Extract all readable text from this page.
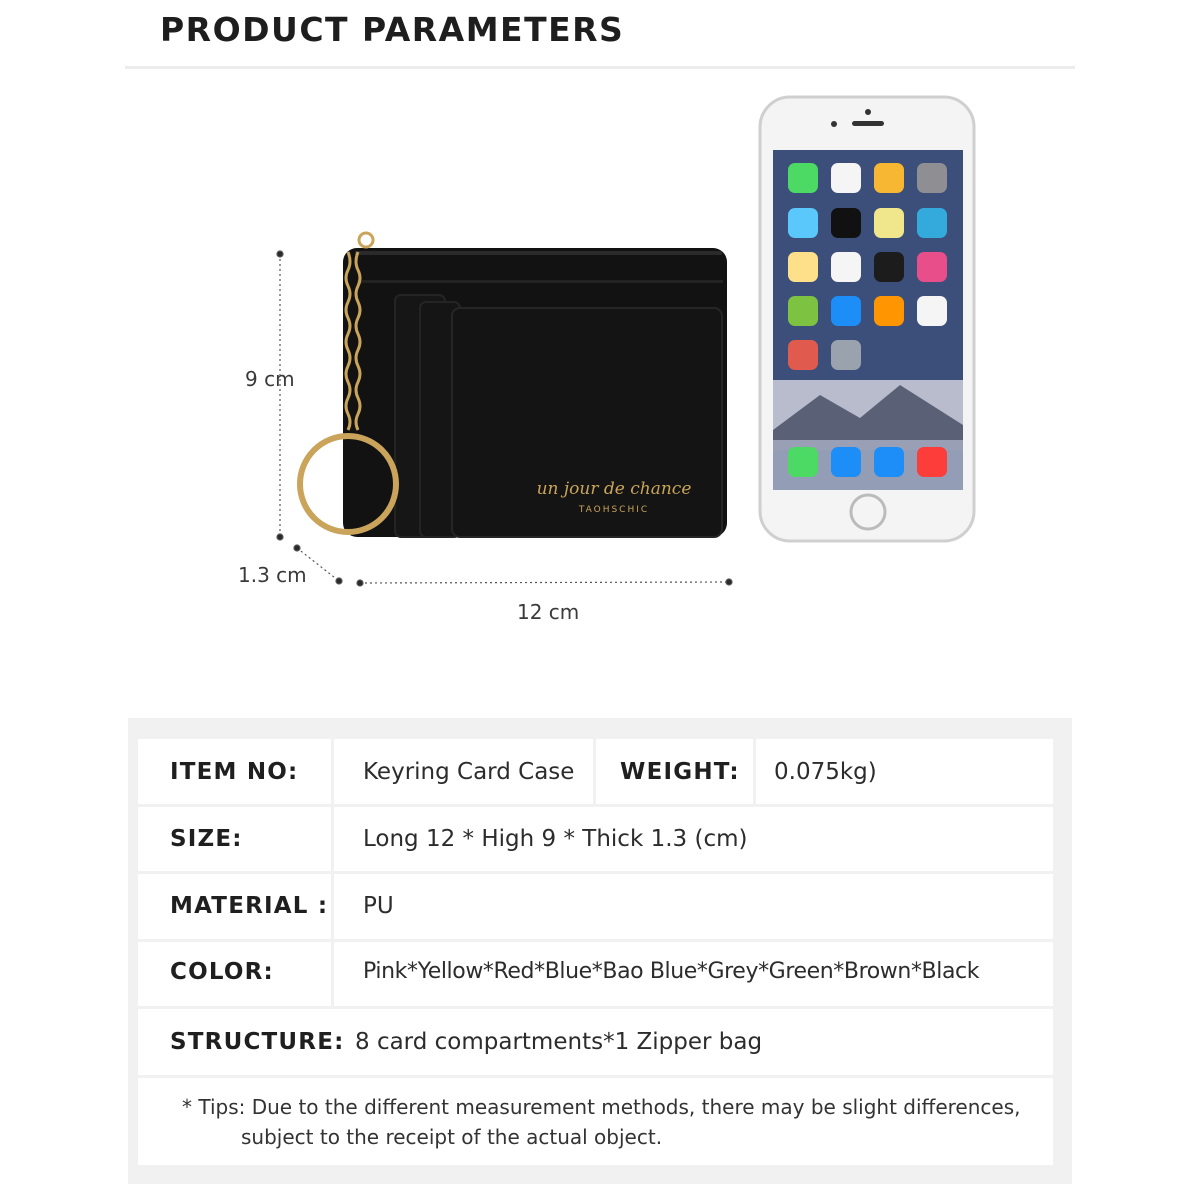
PRODUCT PARAMETERS
un jour de chance
TAOHSCHIC
9 cm
1.3 cm
12 cm
ITEM NO:	Keyring Card Case WEIGHT: 0.075kg)
SIZE:	Long 12 * High 9 * Thick 1.3 (cm)
MATERIAL : PU
COLOR:	Pink*Yellow*Red*Blue*Bao Blue*Grey*Green*Brown*Black
STRUCTURE: 8 card compartments*1 Zipper bag
* Tips: Due to the different measurement methods, there may be slight differences,
subject to the receipt of the actual object.
